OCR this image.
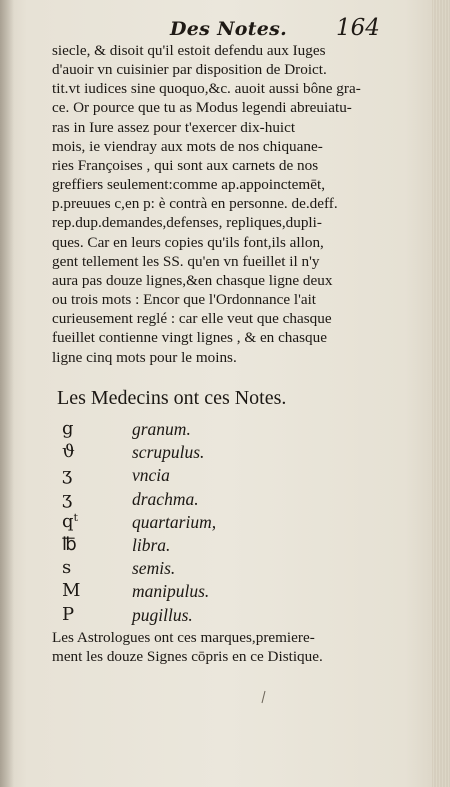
Des Notes. 164
siecle, & disoit qu'il estoit defendu aux Iuges
d'auoir vn cuisinier par disposition de Droict.
tit.vt iudices sine quoquo,&c. auoit aussi bône gra-
ce. Or pource que tu as Modus legendi abreuiatu-
ras in Iure assez pour t'exercer dix-huict
mois, ie viendray aux mots de nos chiquane-
ries Françoises , qui sont aux carnets de nos
greffiers seulement:comme ap.appoinctemēt,
p.preuues c,en p: è contrà en personne. de.deff.
rep.dup.demandes,defenses, repliques,dupli-
ques. Car en leurs copies qu'ils font,ils allon,
gent tellement les SS. qu'en vn fueillet il n'y
aura pas douze lignes,&en chasque ligne deux
ou trois mots : Encor que l'Ordonnance l'ait
curieusement reglé : car elle veut que chasque
fueillet contienne vingt lignes , & en chasque
ligne cinq mots pour le moins.
Les Medecins ont ces Notes.
g	granum.
ϑ	scrupulus.
ʒ	vncia
ʒ	drachma.
qᵗ	quartarium,
℔	libra.
s	semis.
M	manipulus.
P	pugillus.
Les Astrologues ont ces marques,premiere-
ment les douze Signes cōpris en ce Distique.
